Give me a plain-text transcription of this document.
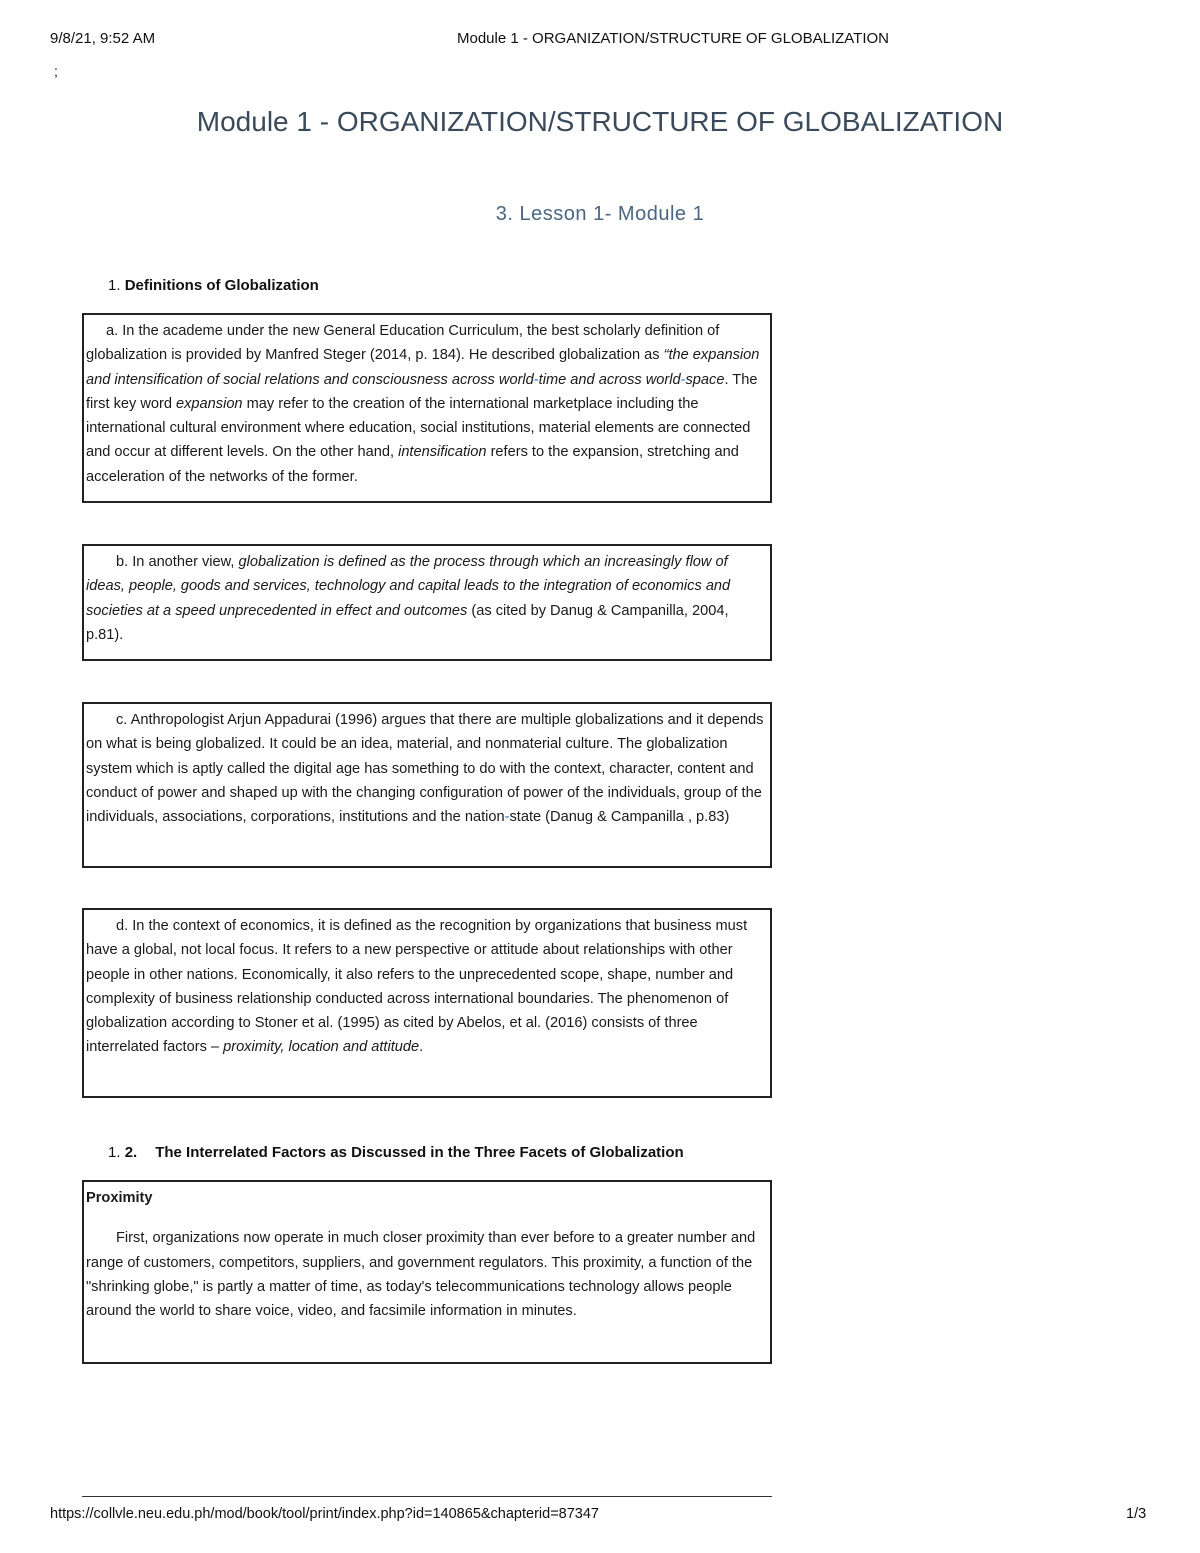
9/8/21, 9:52 AM	Module 1 - ORGANIZATION/STRUCTURE OF GLOBALIZATION
;
Module 1 - ORGANIZATION/STRUCTURE OF GLOBALIZATION
3. Lesson 1- Module 1
1. Definitions of Globalization

a. In the academe under the new General Education Curriculum, the best scholarly definition of globalization is provided by Manfred Steger (2014, p. 184). He described globalization as “the expansion and intensification of social relations and consciousness across world-time and across world-space. The first key word expansion may refer to the creation of the international marketplace including the international cultural environment where education, social institutions, material elements are connected and occur at different levels. On the other hand, intensification refers to the expansion, stretching and acceleration of the networks of the former.

b. In another view, globalization is defined as the process through which an increasingly flow of ideas, people, goods and services, technology and capital leads to the integration of economics and societies at a speed unprecedented in effect and outcomes (as cited by Danug & Campanilla, 2004, p.81).

c. Anthropologist Arjun Appadurai (1996) argues that there are multiple globalizations and it depends on what is being globalized. It could be an idea, material, and nonmaterial culture. The globalization system which is aptly called the digital age has something to do with the context, character, content and conduct of power and shaped up with the changing configuration of power of the individuals, group of the individuals, associations, corporations, institutions and the nation-state (Danug & Campanilla , p.83)

d. In the context of economics, it is defined as the recognition by organizations that business must have a global, not local focus. It refers to a new perspective or attitude about relationships with other people in other nations. Economically, it also refers to the unprecedented scope, shape, number and complexity of business relationship conducted across international boundaries. The phenomenon of globalization according to Stoner et al. (1995) as cited by Abelos, et al. (2016) consists of three interrelated factors – proximity, location and attitude.

1. 2. The Interrelated Factors as Discussed in the Three Facets of Globalization

Proximity

First, organizations now operate in much closer proximity than ever before to a greater number and range of customers, competitors, suppliers, and government regulators. This proximity, a function of the "shrinking globe," is partly a matter of time, as today's telecommunications technology allows people around the world to share voice, video, and facsimile information in minutes.

https://collvle.neu.edu.ph/mod/book/tool/print/index.php?id=140865&chapterid=87347	1/3
